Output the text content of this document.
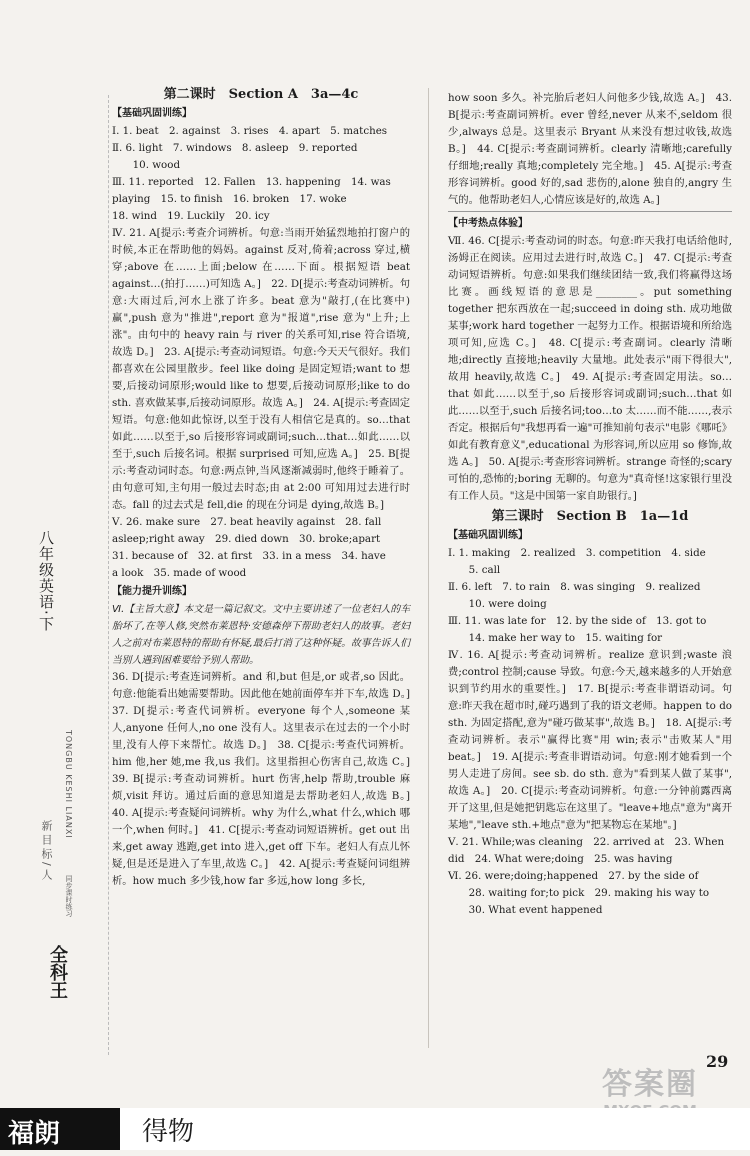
八年级英语·下
新目标/人
TONGBU KESHI LIANXI
全科王
同步课时练习
第二课时　Section A　3a—4c
【基础巩固训练】
Ⅰ. 1. beat　2. against　3. rises　4. apart　5. matches
Ⅱ. 6. light　7. windows　8. asleep　9. reported
　　10. wood
Ⅲ. 11. reported　12. Fallen　13. happening　14. was
playing　15. to finish　16. broken　17. woke
18. wind　19. Luckily　20. icy

Ⅳ. 21. A[提示:考查介词辨析。句意:当雨开始猛烈地拍打窗户的时候,本正在帮助他的妈妈。against 反对,倚着;across 穿过,横穿;above 在……上面;below 在……下面。根据短语 beat against…(拍打……)可知选 A。]　22. D[提示:考查动词辨析。句意:大雨过后,河水上涨了许多。beat 意为"敲打,(在比赛中)赢",push 意为"推进",report 意为"报道",rise 意为"上升;上涨"。由句中的 heavy rain 与 river 的关系可知,rise 符合语境,故选 D。]　23. A[提示:考查动词短语。句意:今天天气很好。我们都喜欢在公园里散步。feel like doing 是固定短语;want to 想要,后接动词原形;would like to 想要,后接动词原形;like to do sth. 喜欢做某事,后接动词原形。故选 A。]　24. A[提示:考查固定短语。句意:他如此惊讶,以至于没有人相信它是真的。so…that 如此……以至于,so 后接形容词或副词;such…that…如此……以至于,such 后接名词。根据 surprised 可知,应选 A。]　25. B[提示:考查动词时态。句意:两点钟,当风逐渐减弱时,他终于睡着了。由句意可知,主句用一般过去时态;由 at 2:00 可知用过去进行时态。fall 的过去式是 fell,die 的现在分词是 dying,故选 B。]

Ⅴ. 26. make sure　27. beat heavily against　28. fall
asleep;right away　29. died down　30. broke;apart
31. because of　32. at first　33. in a mess　34. have
a look　35. made of wood
【能力提升训练】

Ⅵ.【主旨大意】本文是一篇记叙文。文中主要讲述了一位老妇人的车胎坏了,在等人修,突然布莱恩特·安德森停下帮助老妇人的故事。老妇人之前对布莱恩特的帮助有怀疑,最后打消了这种怀疑。故事告诉人们当别人遇到困难要给予别人帮助。

36. D[提示:考查连词辨析。and 和,but 但是,or 或者,so 因此。句意:他能看出她需要帮助。因此他在她前面停车并下车,故选 D。]　37. D[提示:考查代词辨析。everyone 每个人,someone 某人,anyone 任何人,no one 没有人。这里表示在过去的一个小时里,没有人停下来帮忙。故选 D。]　38. C[提示:考查代词辨析。him 他,her 她,me 我,us 我们。这里指担心伤害自己,故选 C。]　39. B[提示:考查动词辨析。hurt 伤害,help 帮助,trouble 麻烦,visit 拜访。通过后面的意思知道是去帮助老妇人,故选 B。]　40. A[提示:考查疑问词辨析。why 为什么,what 什么,which 哪一个,when 何时。]　41. C[提示:考查动词短语辨析。get out 出来,get away 逃跑,get into 进入,get off 下车。老妇人有点儿怀疑,但是还是进入了车里,故选 C。]　42. A[提示:考查疑问词组辨析。how much 多少钱,how far 多远,how long 多长,

how soon 多久。补完胎后老妇人问他多少钱,故选 A。]　43. B[提示:考查副词辨析。ever 曾经,never 从来不,seldom 很少,always 总是。这里表示 Bryant 从来没有想过收钱,故选 B。]　44. C[提示:考查副词辨析。clearly 清晰地;carefully 仔细地;really 真地;completely 完全地。]　45. A[提示:考查形容词辨析。good 好的,sad 悲伤的,alone 独自的,angry 生气的。他帮助老妇人,心情应该是好的,故选 A。]

【中考热点体验】

Ⅶ. 46. C[提示:考查动词的时态。句意:昨天我打电话给他时,汤姆正在阅读。应用过去进行时,故选 C。]　47. C[提示:考查动词短语辨析。句意:如果我们继续团结一致,我们将赢得这场比赛。画线短语的意思是________。put something together 把东西放在一起;succeed in doing sth. 成功地做某事;work hard together 一起努力工作。根据语境和所给选项可知,应选 C。]　48. C[提示:考查副词。clearly 清晰地;directly 直接地;heavily 大量地。此处表示"雨下得很大",故用 heavily,故选 C。]　49. A[提示:考查固定用法。so…that 如此……以至于,so 后接形容词或副词;such…that 如此……以至于,such 后接名词;too…to 太……而不能……,表示否定。根据后句"我想再看一遍"可推知前句表示"电影《哪吒》如此有教育意义",educational 为形容词,所以应用 so 修饰,故选 A。]　50. A[提示:考查形容词辨析。strange 奇怪的;scary 可怕的,恐怖的;boring 无聊的。句意为"真奇怪!这家银行里没有工作人员。"这是中国第一家自助银行。]

第三课时　Section B　1a—1d
【基础巩固训练】
Ⅰ. 1. making　2. realized　3. competition　4. side
　　5. call
Ⅱ. 6. left　7. to rain　8. was singing　9. realized
　　10. were doing
Ⅲ. 11. was late for　12. by the side of　13. got to
　　14. make her way to　15. waiting for

Ⅳ. 16. A[提示:考查动词辨析。realize 意识到;waste 浪费;control 控制;cause 导致。句意:今天,越来越多的人开始意识到节约用水的重要性。]　17. B[提示:考查非谓语动词。句意:昨天我在超市时,碰巧遇到了我的语文老师。happen to do sth. 为固定搭配,意为"碰巧做某事",故选 B。]　18. A[提示:考查动词辨析。表示"赢得比赛"用 win;表示"击败某人"用 beat。]　19. A[提示:考查非谓语动词。句意:刚才她看到一个男人走进了房间。see sb. do sth. 意为"看到某人做了某事",故选 A。]　20. C[提示:考查动词辨析。句意:一分钟前露西离开了这里,但是她把钥匙忘在这里了。"leave+地点"意为"离开某地","leave sth.+地点"意为"把某物忘在某地"。]

Ⅴ. 21. While;was cleaning　22. arrived at　23. When
did　24. What were;doing　25. was having
Ⅵ. 26. were;doing;happened　27. by the side of
　　28. waiting for;to pick　29. making his way to
　　30. What event happened
29
答案圈
福朗	得物
